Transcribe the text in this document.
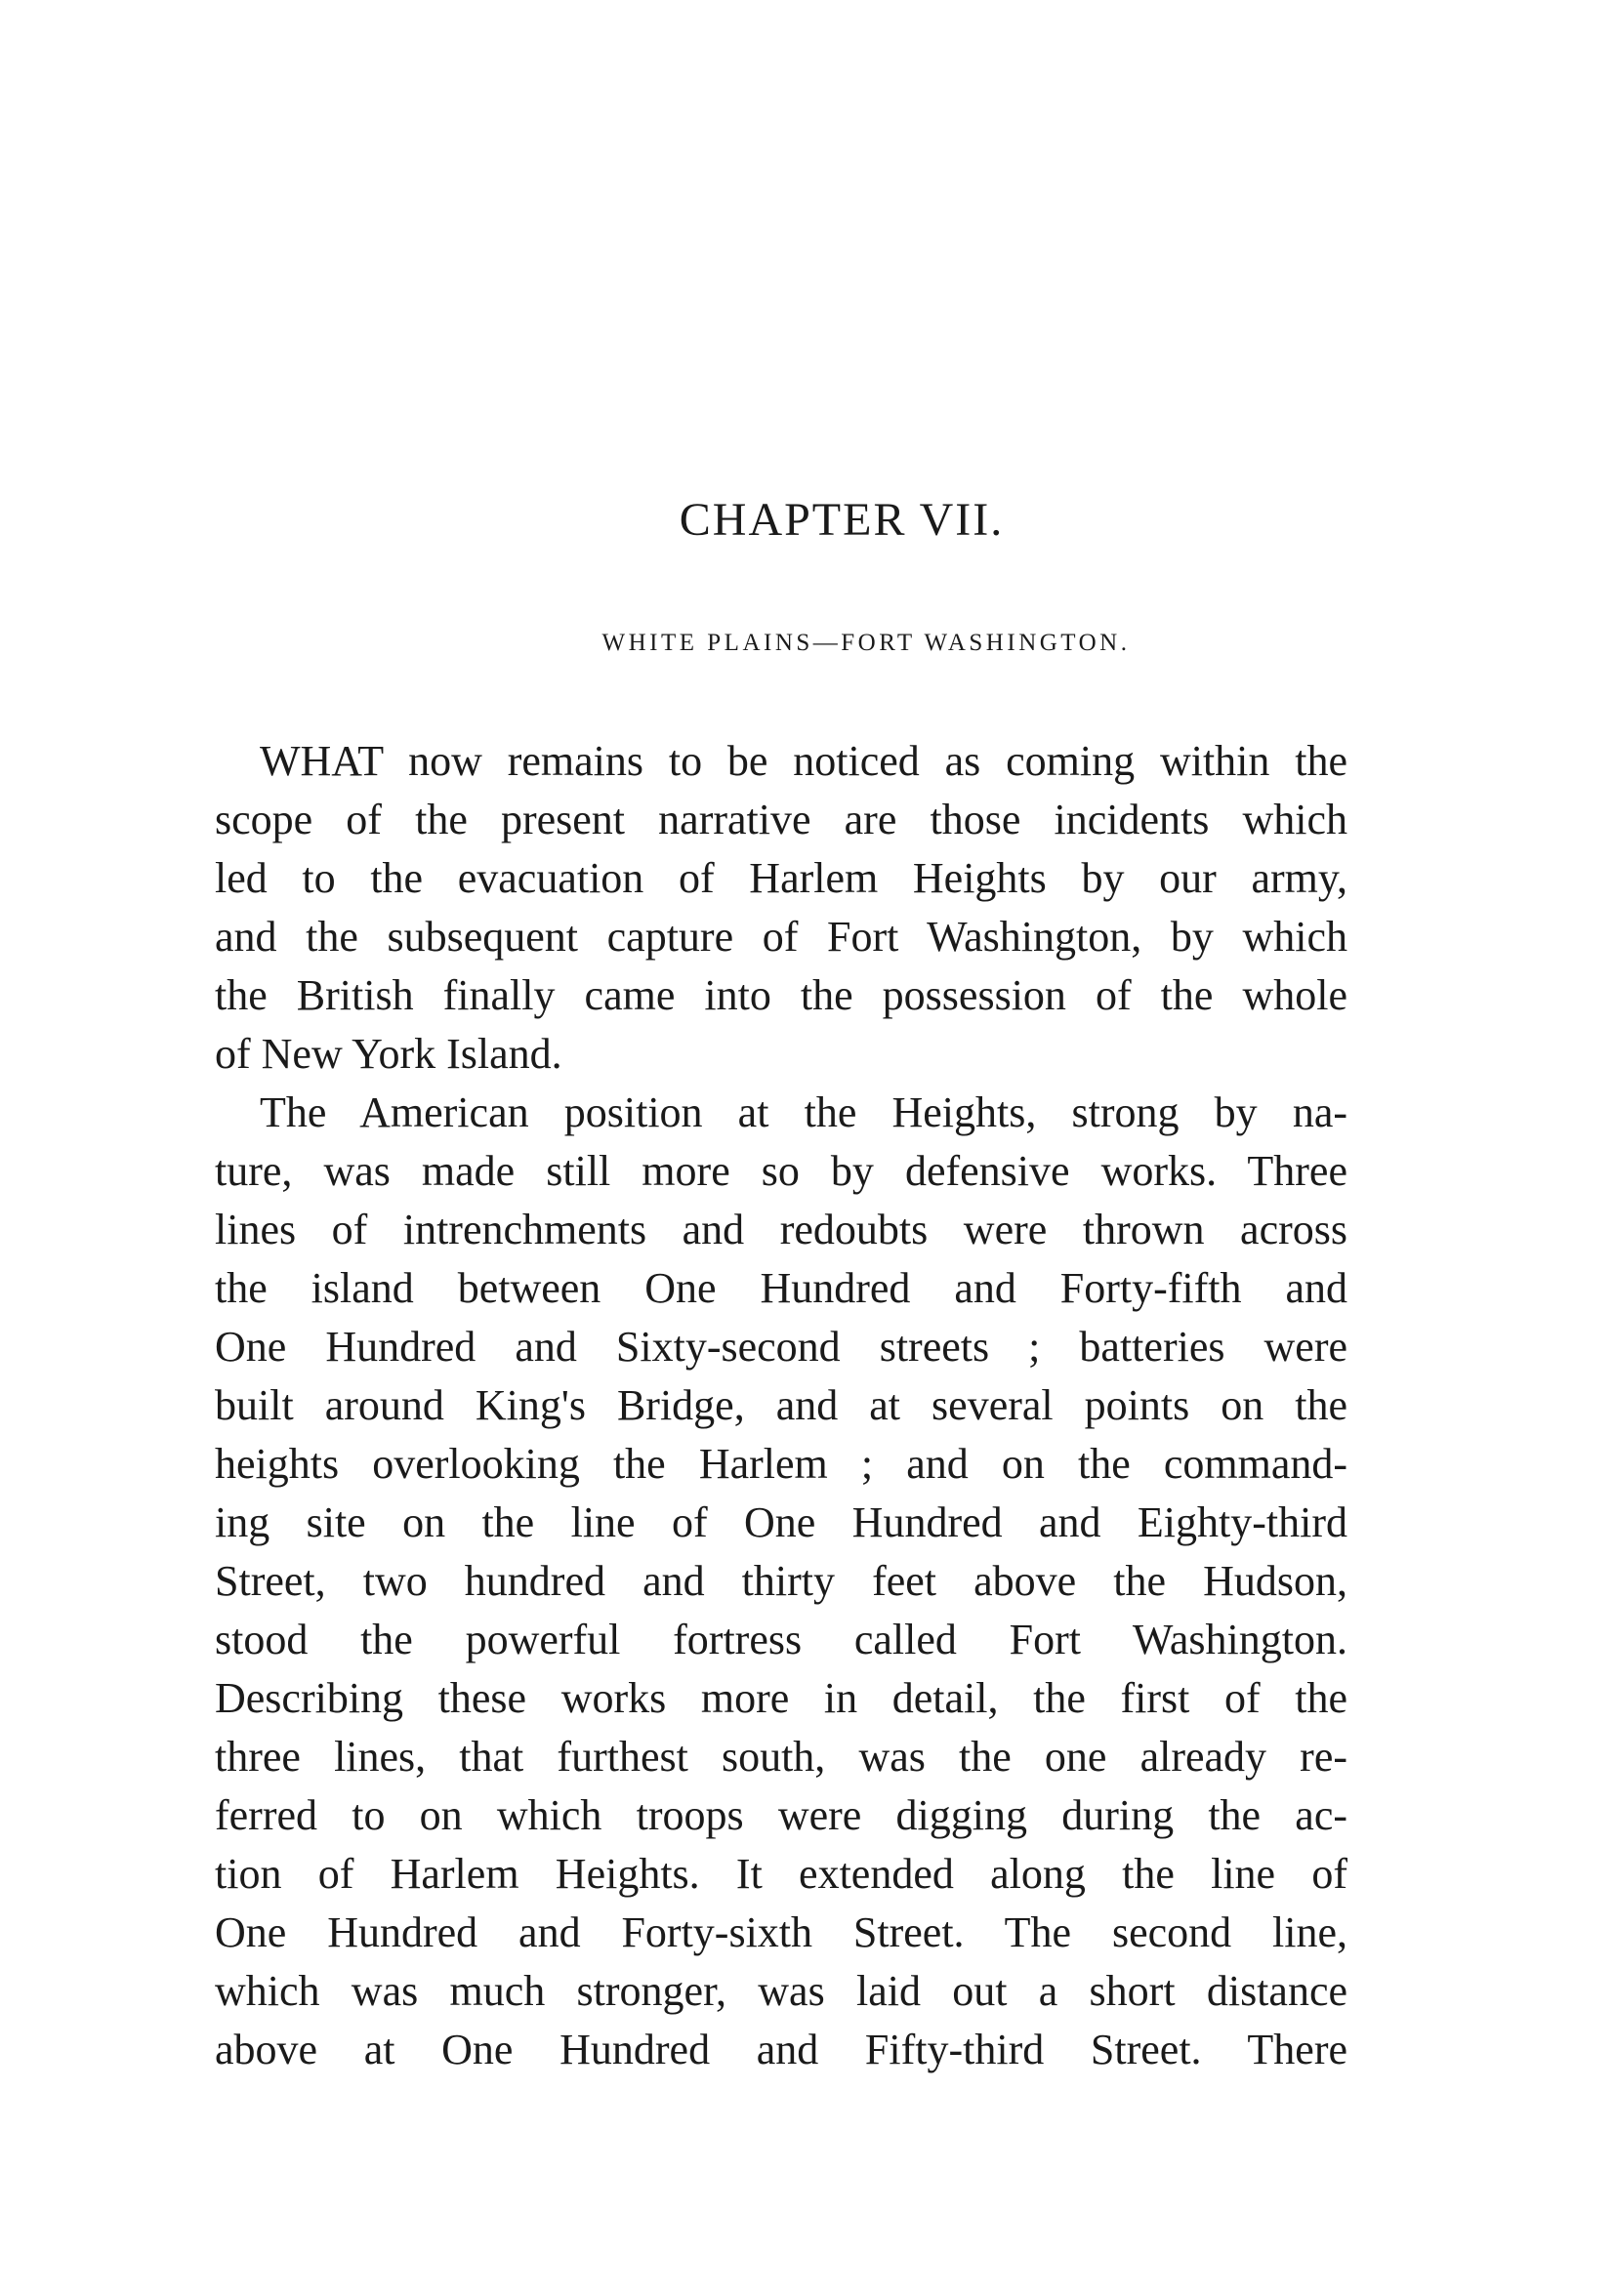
CHAPTER VII.
WHITE PLAINS—FORT WASHINGTON.
WHAT now remains to be noticed as coming within the
scope of the present narrative are those incidents which
led to the evacuation of Harlem Heights by our army,
and the subsequent capture of Fort Washington, by which
the British finally came into the possession of the whole
of New York Island.
The American position at the Heights, strong by na-
ture, was made still more so by defensive works. Three
lines of intrenchments and redoubts were thrown across
the island between One Hundred and Forty-fifth and
One Hundred and Sixty-second streets ; batteries were
built around King's Bridge, and at several points on the
heights overlooking the Harlem ; and on the command-
ing site on the line of One Hundred and Eighty-third
Street, two hundred and thirty feet above the Hudson,
stood the powerful fortress called Fort Washington.
Describing these works more in detail, the first of the
three lines, that furthest south, was the one already re-
ferred to on which troops were digging during the ac-
tion of Harlem Heights. It extended along the line of
One Hundred and Forty-sixth Street. The second line,
which was much stronger, was laid out a short distance
above at One Hundred and Fifty-third Street. There
